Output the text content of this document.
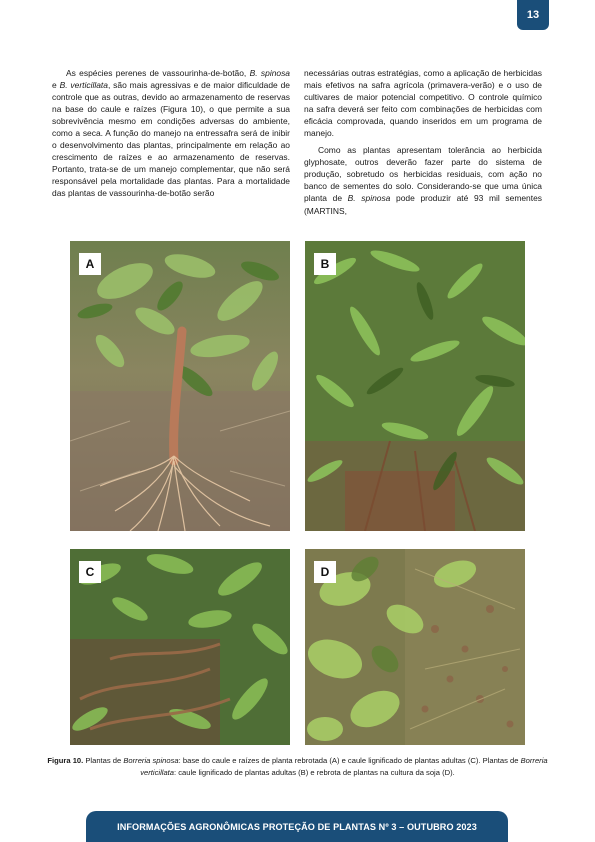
13

As espécies perenes de vassourinha-de-botão, B. spinosa e B. verticillata, são mais agressivas e de maior dificuldade de controle que as outras, devido ao armazenamento de reservas na base do caule e raízes (Figura 10), o que permite a sua sobrevivência mesmo em condições adversas do ambiente, como a seca. A função do manejo na entressafra será de inibir o desenvolvimento das plantas, principalmente em relação ao crescimento de raízes e ao armazenamento de reservas. Portanto, trata-se de um manejo complementar, que não será responsável pela mortalidade das plantas. Para a mortalidade das plantas de vassourinha-de-botão serão

necessárias outras estratégias, como a aplicação de herbicidas mais efetivos na safra agrícola (primavera-verão) e o uso de cultivares de maior potencial competitivo. O controle químico na safra deverá ser feito com combinações de herbicidas com eficácia comprovada, quando inseridos em um programa de manejo.

Como as plantas apresentam tolerância ao herbicida glyphosate, outros deverão fazer parte do sistema de produção, sobretudo os herbicidas residuais, com ação no banco de sementes do solo. Considerando-se que uma única planta de B. spinosa pode produzir até 93 mil sementes (MARTINS,

A	B
C	D
Figura 10. Plantas de Borreria spinosa: base do caule e raízes de planta rebrotada (A) e caule lignificado de plantas adultas (C). Plantas de Borreria verticillata: caule lignificado de plantas adultas (B) e rebrota de plantas na cultura da soja (D).
INFORMAÇÕES AGRONÔMICAS PROTEÇÃO DE PLANTAS Nº 3 – OUTUBRO 2023
